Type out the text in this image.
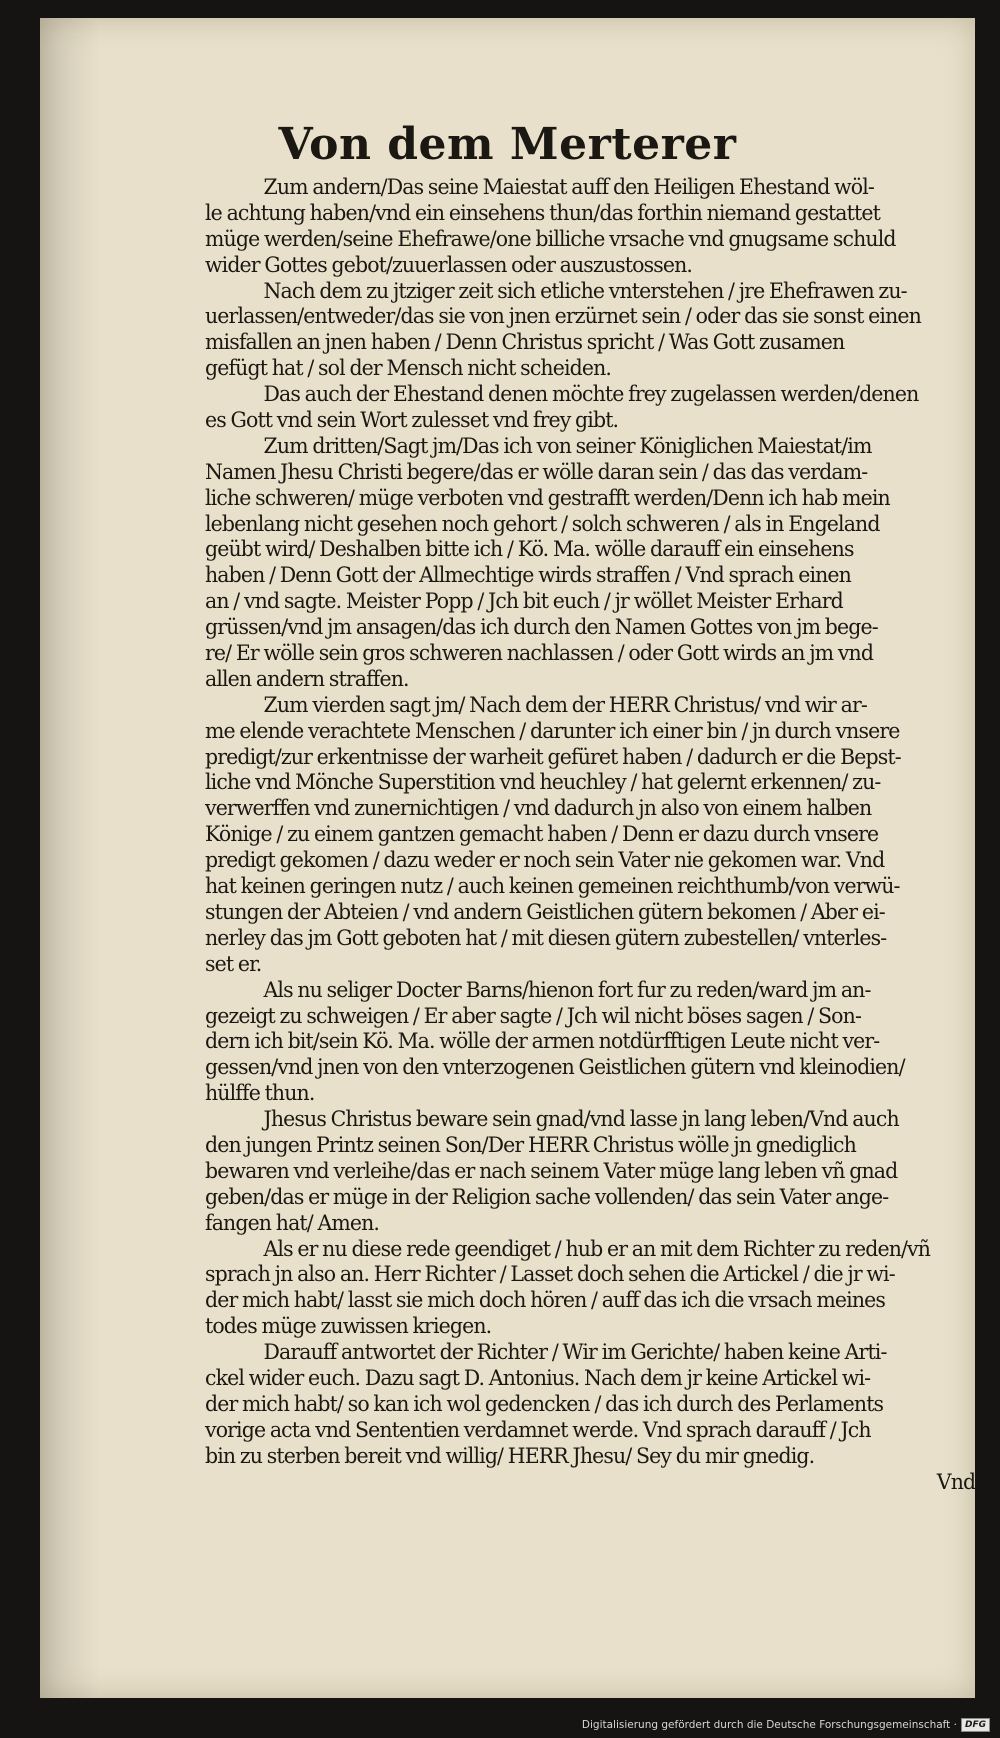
Von dem Merterer
Zum andern/Das seine Maiestat auff den Heiligen Ehestand wöl-
le achtung haben/vnd ein einsehens thun/das forthin niemand gestattet
müge werden/seine Ehefrawe/one billiche vrsache vnd gnugsame schuld
wider Gottes gebot/zuuerlassen oder auszustossen.
Nach dem zu jtziger zeit sich etliche vnterstehen / jre Ehefrawen zu-
uerlassen/entweder/das sie von jnen erzürnet sein / oder das sie sonst einen
misfallen an jnen haben / Denn Christus spricht / Was Gott zusamen
gefügt hat / sol der Mensch nicht scheiden.
Das auch der Ehestand denen möchte frey zugelassen werden/denen
es Gott vnd sein Wort zulesset vnd frey gibt.
Zum dritten/Sagt jm/Das ich von seiner Königlichen Maiestat/im
Namen Jhesu Christi begere/das er wölle daran sein / das das verdam-
liche schweren/ müge verboten vnd gestrafft werden/Denn ich hab mein
lebenlang nicht gesehen noch gehort / solch schweren / als in Engeland
geübt wird/ Deshalben bitte ich / Kö. Ma. wölle darauff ein einsehens
haben / Denn Gott der Allmechtige wirds straffen / Vnd sprach einen
an / vnd sagte. Meister Popp / Jch bit euch / jr wöllet Meister Erhard
grüssen/vnd jm ansagen/das ich durch den Namen Gottes von jm bege-
re/ Er wölle sein gros schweren nachlassen / oder Gott wirds an jm vnd
allen andern straffen.
Zum vierden sagt jm/ Nach dem der HERR Christus/ vnd wir ar-
me elende verachtete Menschen / darunter ich einer bin / jn durch vnsere
predigt/zur erkentnisse der warheit gefüret haben / dadurch er die Bepst-
liche vnd Mönche Superstition vnd heuchley / hat gelernt erkennen/ zu-
verwerffen vnd zunernichtigen / vnd dadurch jn also von einem halben
Könige / zu einem gantzen gemacht haben / Denn er dazu durch vnsere
predigt gekomen / dazu weder er noch sein Vater nie gekomen war. Vnd
hat keinen geringen nutz / auch keinen gemeinen reichthumb/von verwü-
stungen der Abteien / vnd andern Geistlichen gütern bekomen / Aber ei-
nerley das jm Gott geboten hat / mit diesen gütern zubestellen/ vnterles-
set er.
Als nu seliger Docter Barns/hienon fort fur zu reden/ward jm an-
gezeigt zu schweigen / Er aber sagte / Jch wil nicht böses sagen / Son-
dern ich bit/sein Kö. Ma. wölle der armen notdürfftigen Leute nicht ver-
gessen/vnd jnen von den vnterzogenen Geistlichen gütern vnd kleinodien/
hülffe thun.
Jhesus Christus beware sein gnad/vnd lasse jn lang leben/Vnd auch
den jungen Printz seinen Son/Der HERR Christus wölle jn gnediglich
bewaren vnd verleihe/das er nach seinem Vater müge lang leben vñ gnad
geben/das er müge in der Religion sache vollenden/ das sein Vater ange-
fangen hat/ Amen.
Als er nu diese rede geendiget / hub er an mit dem Richter zu reden/vñ
sprach jn also an. Herr Richter / Lasset doch sehen die Artickel / die jr wi-
der mich habt/ lasst sie mich doch hören / auff das ich die vrsach meines
todes müge zuwissen kriegen.
Darauff antwortet der Richter / Wir im Gerichte/ haben keine Arti-
ckel wider euch. Dazu sagt D. Antonius. Nach dem jr keine Artickel wi-
der mich habt/ so kan ich wol gedencken / das ich durch des Perlaments
vorige acta vnd Sententien verdamnet werde. Vnd sprach darauff / Jch
bin zu sterben bereit vnd willig/ HERR Jhesu/ Sey du mir gnedig.
Vnd
Digitalisierung gefördert durch die Deutsche Forschungsgemeinschaft · DFG
